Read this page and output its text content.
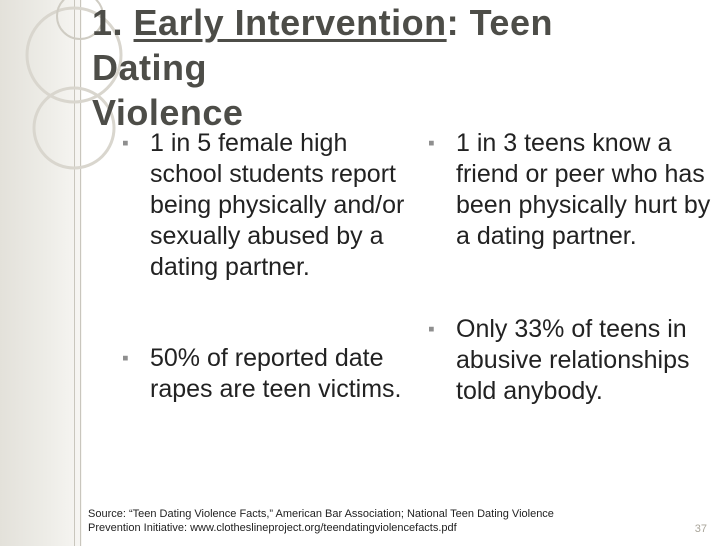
1. Early Intervention: Teen
Dating
Violence
▪ 1 in 5 female high school students report being physically and/or sexually abused by a dating partner.
▪ 50% of reported date rapes are teen victims.
▪ 1 in 3 teens know a friend or peer who has been physically hurt by a dating partner.
▪ Only 33% of teens in abusive relationships told anybody.
Source: “Teen Dating Violence Facts,” American Bar Association; National Teen Dating Violence Prevention Initiative: www.clotheslineproject.org/teendatingviolencefacts.pdf	37
